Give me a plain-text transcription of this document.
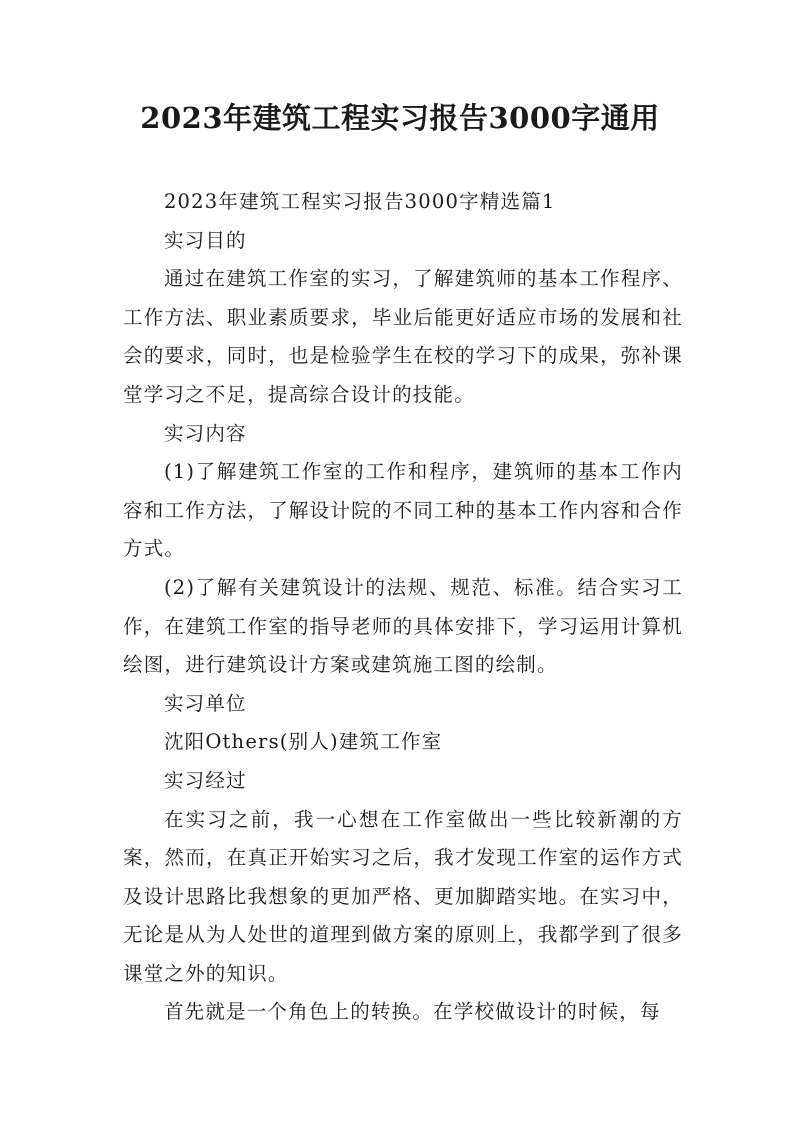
2023年建筑工程实习报告3000字通用

2023年建筑工程实习报告3000字精选篇1

实习目的

通过在建筑工作室的实习，了解建筑师的基本工作程序、工作方法、职业素质要求，毕业后能更好适应市场的发展和社会的要求，同时，也是检验学生在校的学习下的成果，弥补课堂学习之不足，提高综合设计的技能。

实习内容

(1)了解建筑工作室的工作和程序，建筑师的基本工作内容和工作方法，了解设计院的不同工种的基本工作内容和合作方式。

(2)了解有关建筑设计的法规、规范、标准。结合实习工作，在建筑工作室的指导老师的具体安排下，学习运用计算机绘图，进行建筑设计方案或建筑施工图的绘制。

实习单位

沈阳Others(别人)建筑工作室

实习经过

在实习之前，我一心想在工作室做出一些比较新潮的方案，然而，在真正开始实习之后，我才发现工作室的运作方式及设计思路比我想象的更加严格、更加脚踏实地。在实习中，无论是从为人处世的道理到做方案的原则上，我都学到了很多课堂之外的知识。

首先就是一个角色上的转换。在学校做设计的时候，每
